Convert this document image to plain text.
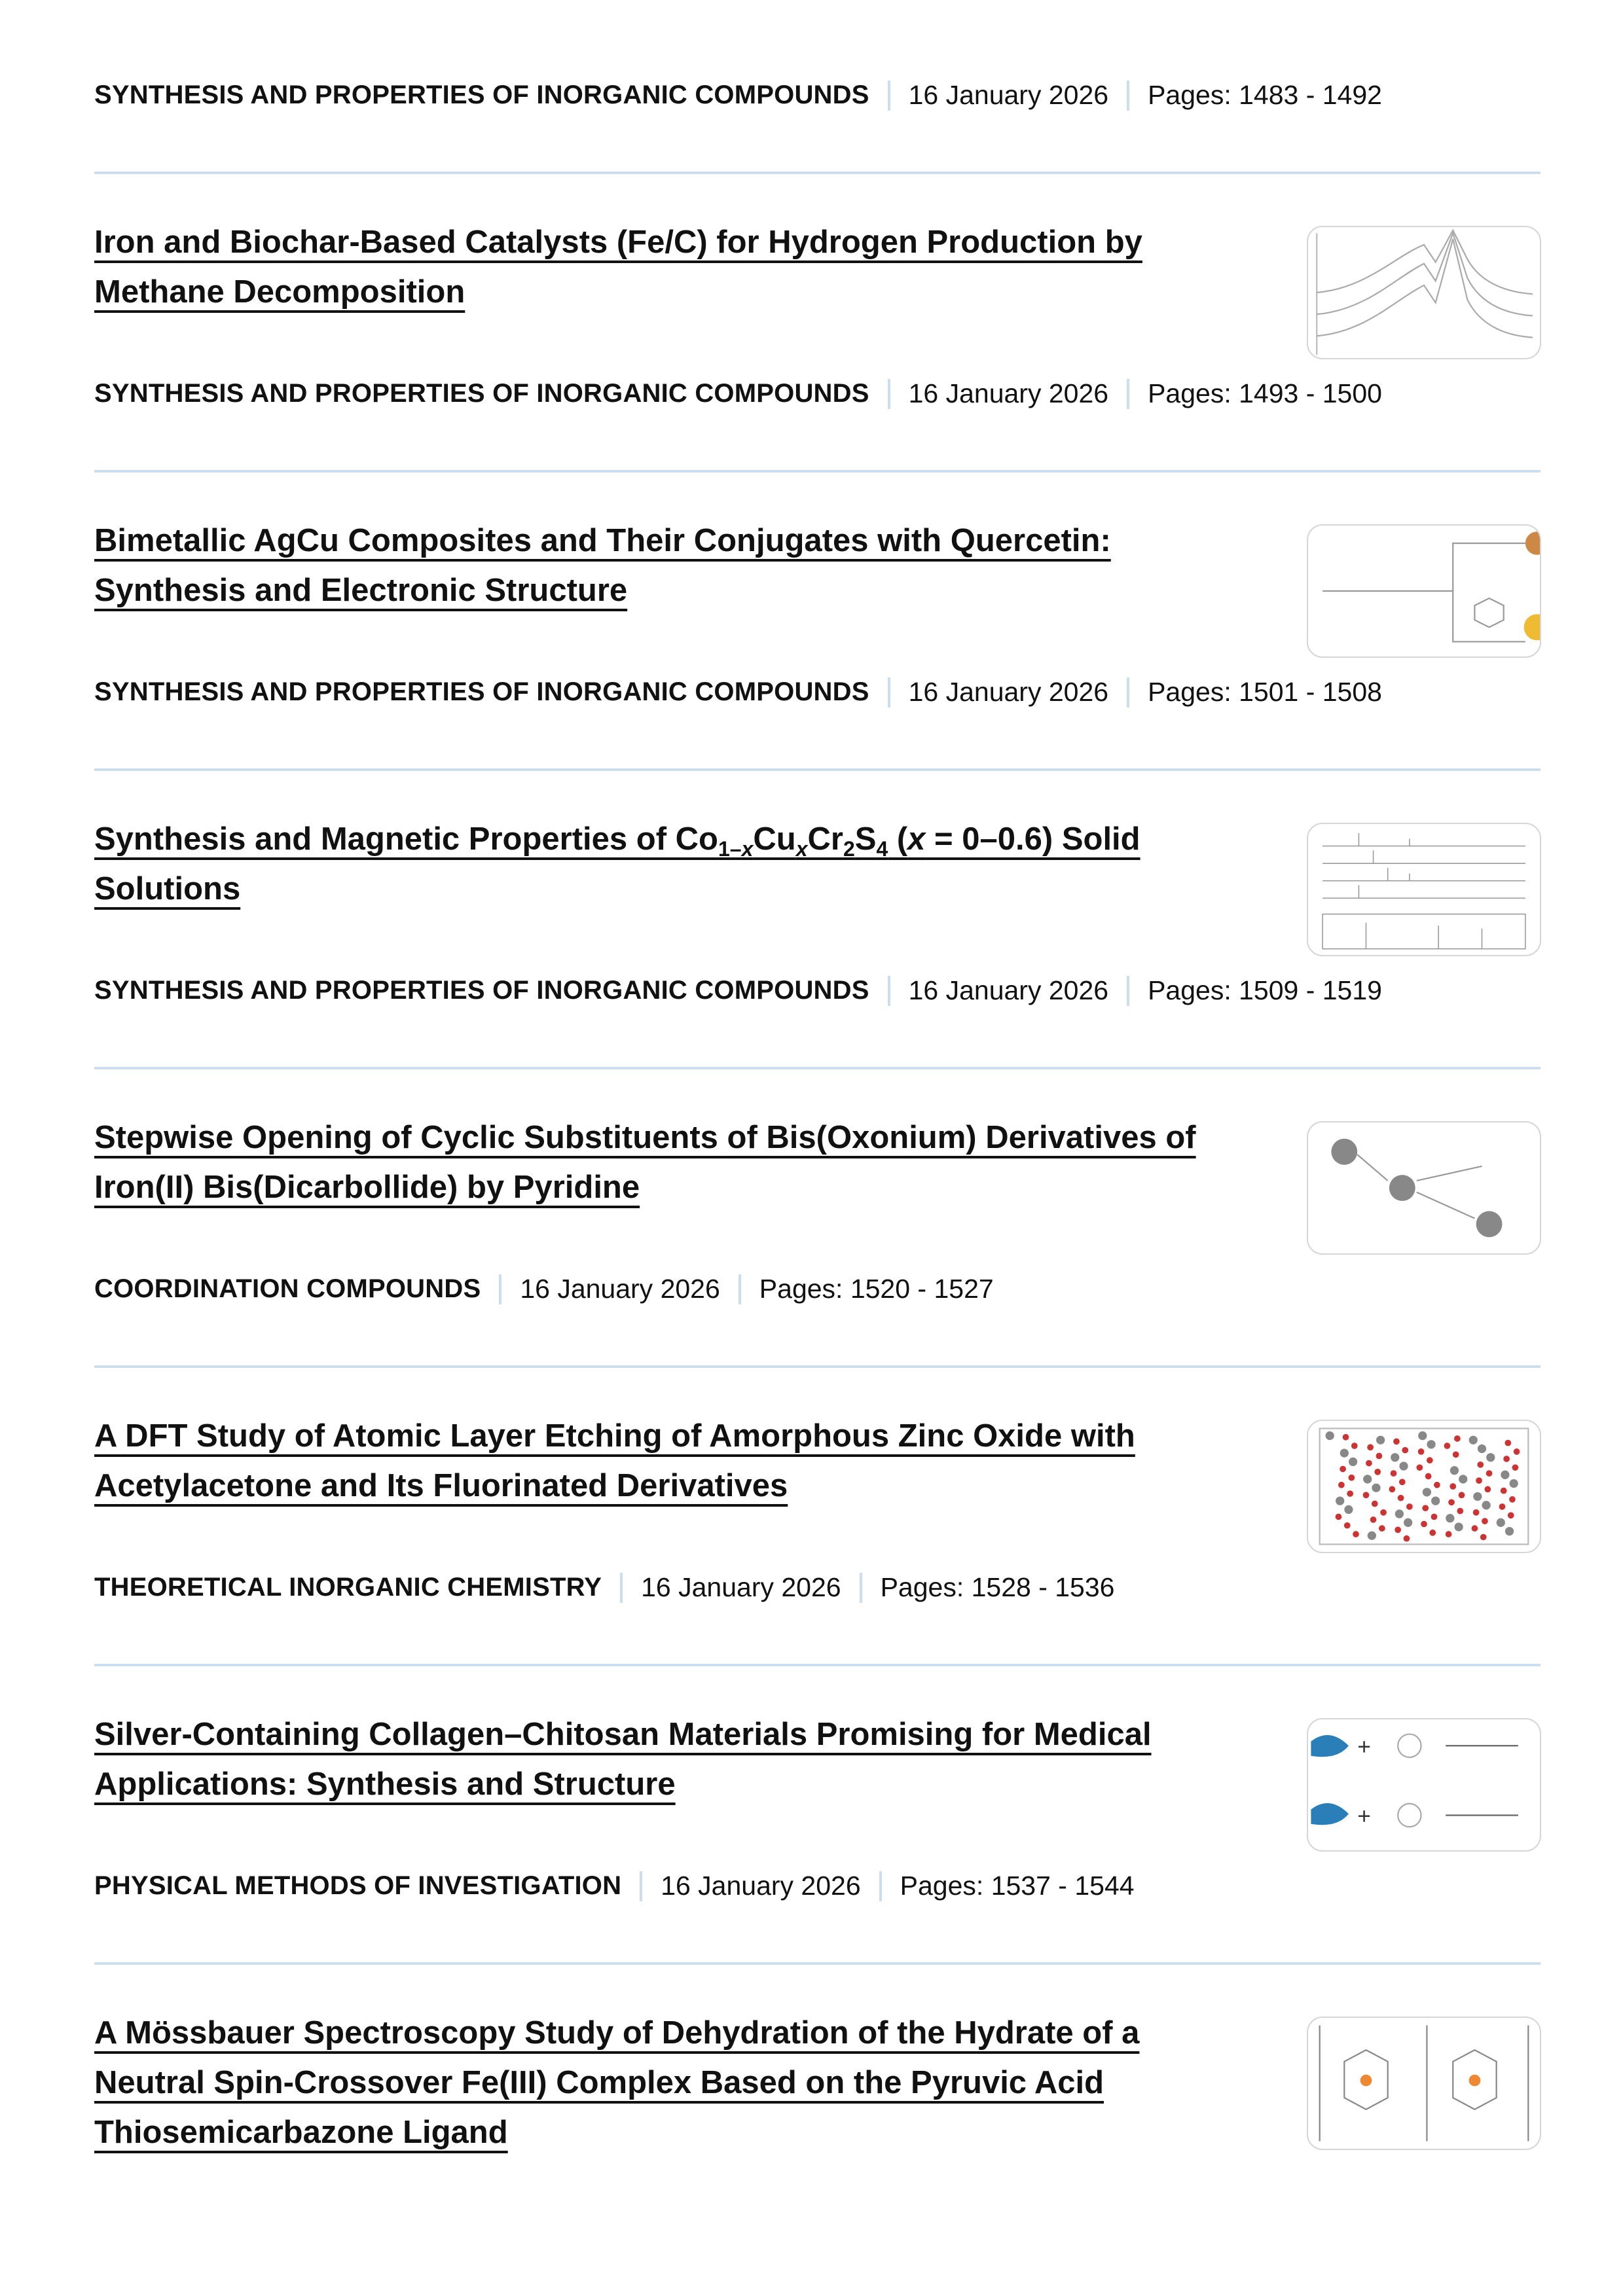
SYNTHESIS AND PROPERTIES OF INORGANIC COMPOUNDS 16 January 2026 Pages: 1483 - 1492
Iron and Biochar-Based Catalysts (Fe/C) for Hydrogen Production by
Methane Decomposition
SYNTHESIS AND PROPERTIES OF INORGANIC COMPOUNDS 16 January 2026 Pages: 1493 - 1500
Bimetallic AgCu Composites and Their Conjugates with Quercetin:
Synthesis and Electronic Structure
SYNTHESIS AND PROPERTIES OF INORGANIC COMPOUNDS 16 January 2026 Pages: 1501 - 1508
Synthesis and Magnetic Properties of $Co_{1-x}Cu_xCr_2S_4$ (x = 0–0.6) Solid
Solutions
SYNTHESIS AND PROPERTIES OF INORGANIC COMPOUNDS 16 January 2026 Pages: 1509 - 1519
Stepwise Opening of Cyclic Substituents of Bis(Oxonium) Derivatives of
Iron(II) Bis(Dicarbollide) by Pyridine
COORDINATION COMPOUNDS 16 January 2026 Pages: 1520 - 1527
A DFT Study of Atomic Layer Etching of Amorphous Zinc Oxide with
Acetylacetone and Its Fluorinated Derivatives
THEORETICAL INORGANIC CHEMISTRY 16 January 2026 Pages: 1528 - 1536
Silver-Containing Collagen–Chitosan Materials Promising for Medical
Applications: Synthesis and Structure
+
+
PHYSICAL METHODS OF INVESTIGATION 16 January 2026 Pages: 1537 - 1544
A Mössbauer Spectroscopy Study of Dehydration of the Hydrate of a
Neutral Spin-Crossover Fe(III) Complex Based on the Pyruvic Acid
Thiosemicarbazone Ligand
